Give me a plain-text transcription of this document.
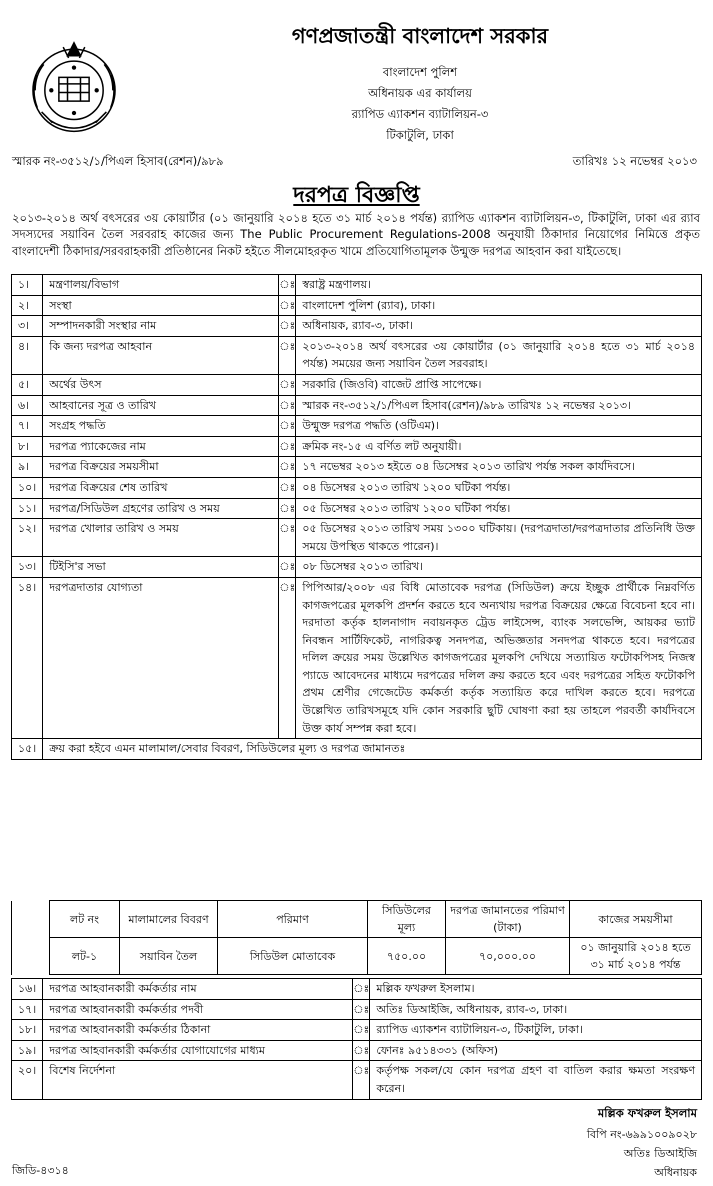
গণপ্রজাতন্ত্রী বাংলাদেশ সরকার
বাংলাদেশ পুলিশ
অধিনায়ক এর কার্যালয়
র‌্যাপিড এ্যাকশন ব্যাটালিয়ন-৩
টিকাটুলি, ঢাকা
স্মারক নং-৩৫১২/১/পিএল হিসাব(রেশন)/৯৮৯	তারিখঃ ১২ নভেম্বর ২০১৩
দরপত্র বিজ্ঞপ্তি
২০১৩-২০১৪ অর্থ বৎসরের ৩য় কোয়ার্টার (০১ জানুয়ারি ২০১৪ হতে ৩১ মার্চ ২০১৪ পর্যন্ত) র‌্যাপিড এ্যাকশন ব্যাটালিয়ন-৩, টিকাটুলি, ঢাকা এর র‌্যাব সদস্যদের সয়াবিন তৈল সরবরাহ কাজের জন্য The Public Procurement Regulations-2008 অনুযায়ী ঠিকাদার নিয়োগের নিমিত্তে প্রকৃত বাংলাদেশী ঠিকাদার/সরবরাহকারী প্রতিষ্ঠানের নিকট হইতে সীলমোহরকৃত খামে প্রতিযোগিতামূলক উন্মুক্ত দরপত্র আহবান করা যাইতেছে।
১।	মন্ত্রণালয়/বিভাগ	ঃ	স্বরাষ্ট্র মন্ত্রণালয়।
২।	সংস্থা	ঃ	বাংলাদেশ পুলিশ (র‌্যাব), ঢাকা।
৩।	সম্পাদনকারী সংস্থার নাম	ঃ	অধিনায়ক, র‌্যাব-৩, ঢাকা।
৪।	কি জন্য দরপত্র আহবান	ঃ	২০১৩-২০১৪ অর্থ বৎসরের ৩য় কোয়ার্টার (০১ জানুয়ারি ২০১৪ হতে ৩১ মার্চ ২০১৪ পর্যন্ত) সময়ের জন্য সয়াবিন তৈল সরবরাহ।
৫।	অর্থের উৎস	ঃ	সরকারি (জিওবি) বাজেট প্রাপ্তি সাপেক্ষে।
৬।	আহবানের সূত্র ও তারিখ	ঃ	স্মারক নং-৩৫১২/১/পিএল হিসাব(রেশন)/৯৮৯ তারিখঃ ১২ নভেম্বর ২০১৩।
৭।	সংগ্রহ পদ্ধতি	ঃ	উন্মুক্ত দরপত্র পদ্ধতি (ওটিএম)।
৮।	দরপত্র প্যাকেজের নাম	ঃ	ক্রমিক নং-১৫ এ বর্ণিত লট অনুযায়ী।
৯।	দরপত্র বিক্রয়ের সময়সীমা	ঃ	১৭ নভেম্বর ২০১৩ হইতে ০৪ ডিসেম্বর ২০১৩ তারিখ পর্যন্ত সকল কার্যদিবসে।
১০।	দরপত্র বিক্রয়ের শেষ তারিখ	ঃ	০৪ ডিসেম্বর ২০১৩ তারিখ ১২০০ ঘটিকা পর্যন্ত।
১১।	দরপত্র/সিডিউল গ্রহণের তারিখ ও সময়	ঃ	০৫ ডিসেম্বর ২০১৩ তারিখ ১২০০ ঘটিকা পর্যন্ত।
১২।	দরপত্র খোলার তারিখ ও সময়	ঃ	০৫ ডিসেম্বর ২০১৩ তারিখ সময় ১৩০০ ঘটিকায়। (দরপত্রদাতা/দরপত্রদাতার প্রতিনিধি উক্ত সময়ে উপস্থিত থাকতে পারেন)।
১৩।	টিইসি'র সভা	ঃ	০৮ ডিসেম্বর ২০১৩ তারিখ।
১৪।	দরপত্রদাতার যোগ্যতা	ঃ	পিপিআর/২০০৮ এর বিধি মোতাবেক দরপত্র (সিডিউল) ক্রয়ে ইচ্ছুক প্রার্থীকে নিম্নবর্ণিত কাগজপত্রের মূলকপি প্রদর্শন করতে হবে অন্যথায় দরপত্র বিক্রয়ের ক্ষেত্রে বিবেচনা হবে না। দরদাতা কর্তৃক হালনাগাদ নবায়নকৃত ট্রেড লাইসেন্স, ব্যাংক সলভেন্সি, আয়কর ভ্যাট নিবন্ধন সার্টিফিকেট, নাগরিকত্ব সনদপত্র, অভিজ্ঞতার সনদপত্র থাকতে হবে। দরপত্রের দলিল ক্রয়ের সময় উল্লেখিত কাগজপত্রের মূলকপি দেখিয়ে সত্যায়িত ফটোকপিসহ নিজস্ব প্যাডে আবেদনের মাধ্যমে দরপত্রের দলিল ক্রয় করতে হবে এবং দরপত্রের সহিত ফটোকপি প্রথম শ্রেণীর গেজেটেড কর্মকর্তা কর্তৃক সত্যায়িত করে দাখিল করতে হবে। দরপত্রে উল্লেখিত তারিখসমূহে যদি কোন সরকারি ছুটি ঘোষণা করা হয় তাহলে পরবর্তী কার্যদিবসে উক্ত কার্য সম্পন্ন করা হবে।
১৫।	ক্রয় করা হইবে এমন মালামাল/সেবার বিবরণ, সিডিউলের মূল্য ও দরপত্র জামানতঃ		
	লট নং	মালামালের বিবরণ	পরিমাণ	সিডিউলের মূল্য	দরপত্র জামানতের পরিমাণ (টাকা)	কাজের সময়সীমা
	লট-১	সয়াবিন তৈল	সিডিউল মোতাবেক	৭৫০.০০	৭০,০০০.০০	০১ জানুয়ারি ২০১৪ হতে ৩১ মার্চ ২০১৪ পর্যন্ত
১৬।	দরপত্র আহবানকারী কর্মকর্তার নাম	ঃ	মল্লিক ফখরুল ইসলাম।
১৭।	দরপত্র আহবানকারী কর্মকর্তার পদবী	ঃ	অতিঃ ডিআইজি, অধিনায়ক, র‌্যাব-৩, ঢাকা।
১৮।	দরপত্র আহবানকারী কর্মকর্তার ঠিকানা	ঃ	র‌্যাপিড এ্যাকশন ব্যাটালিয়ন-৩, টিকাটুলি, ঢাকা।
১৯।	দরপত্র আহবানকারী কর্মকর্তার যোগাযোগের মাধ্যম	ঃ	ফোনঃ ৯৫১৪৩৩১ (অফিস)
২০।	বিশেষ নির্দেশনা	ঃ	কর্তৃপক্ষ সকল/যে কোন দরপত্র গ্রহণ বা বাতিল করার ক্ষমতা সংরক্ষণ করেন।
মল্লিক ফখরুল ইসলাম
বিপি নং-৬৯৯১০০৯০২৮
অতিঃ ডিআইজি
অধিনায়ক
জিডি-৪৩১৪
